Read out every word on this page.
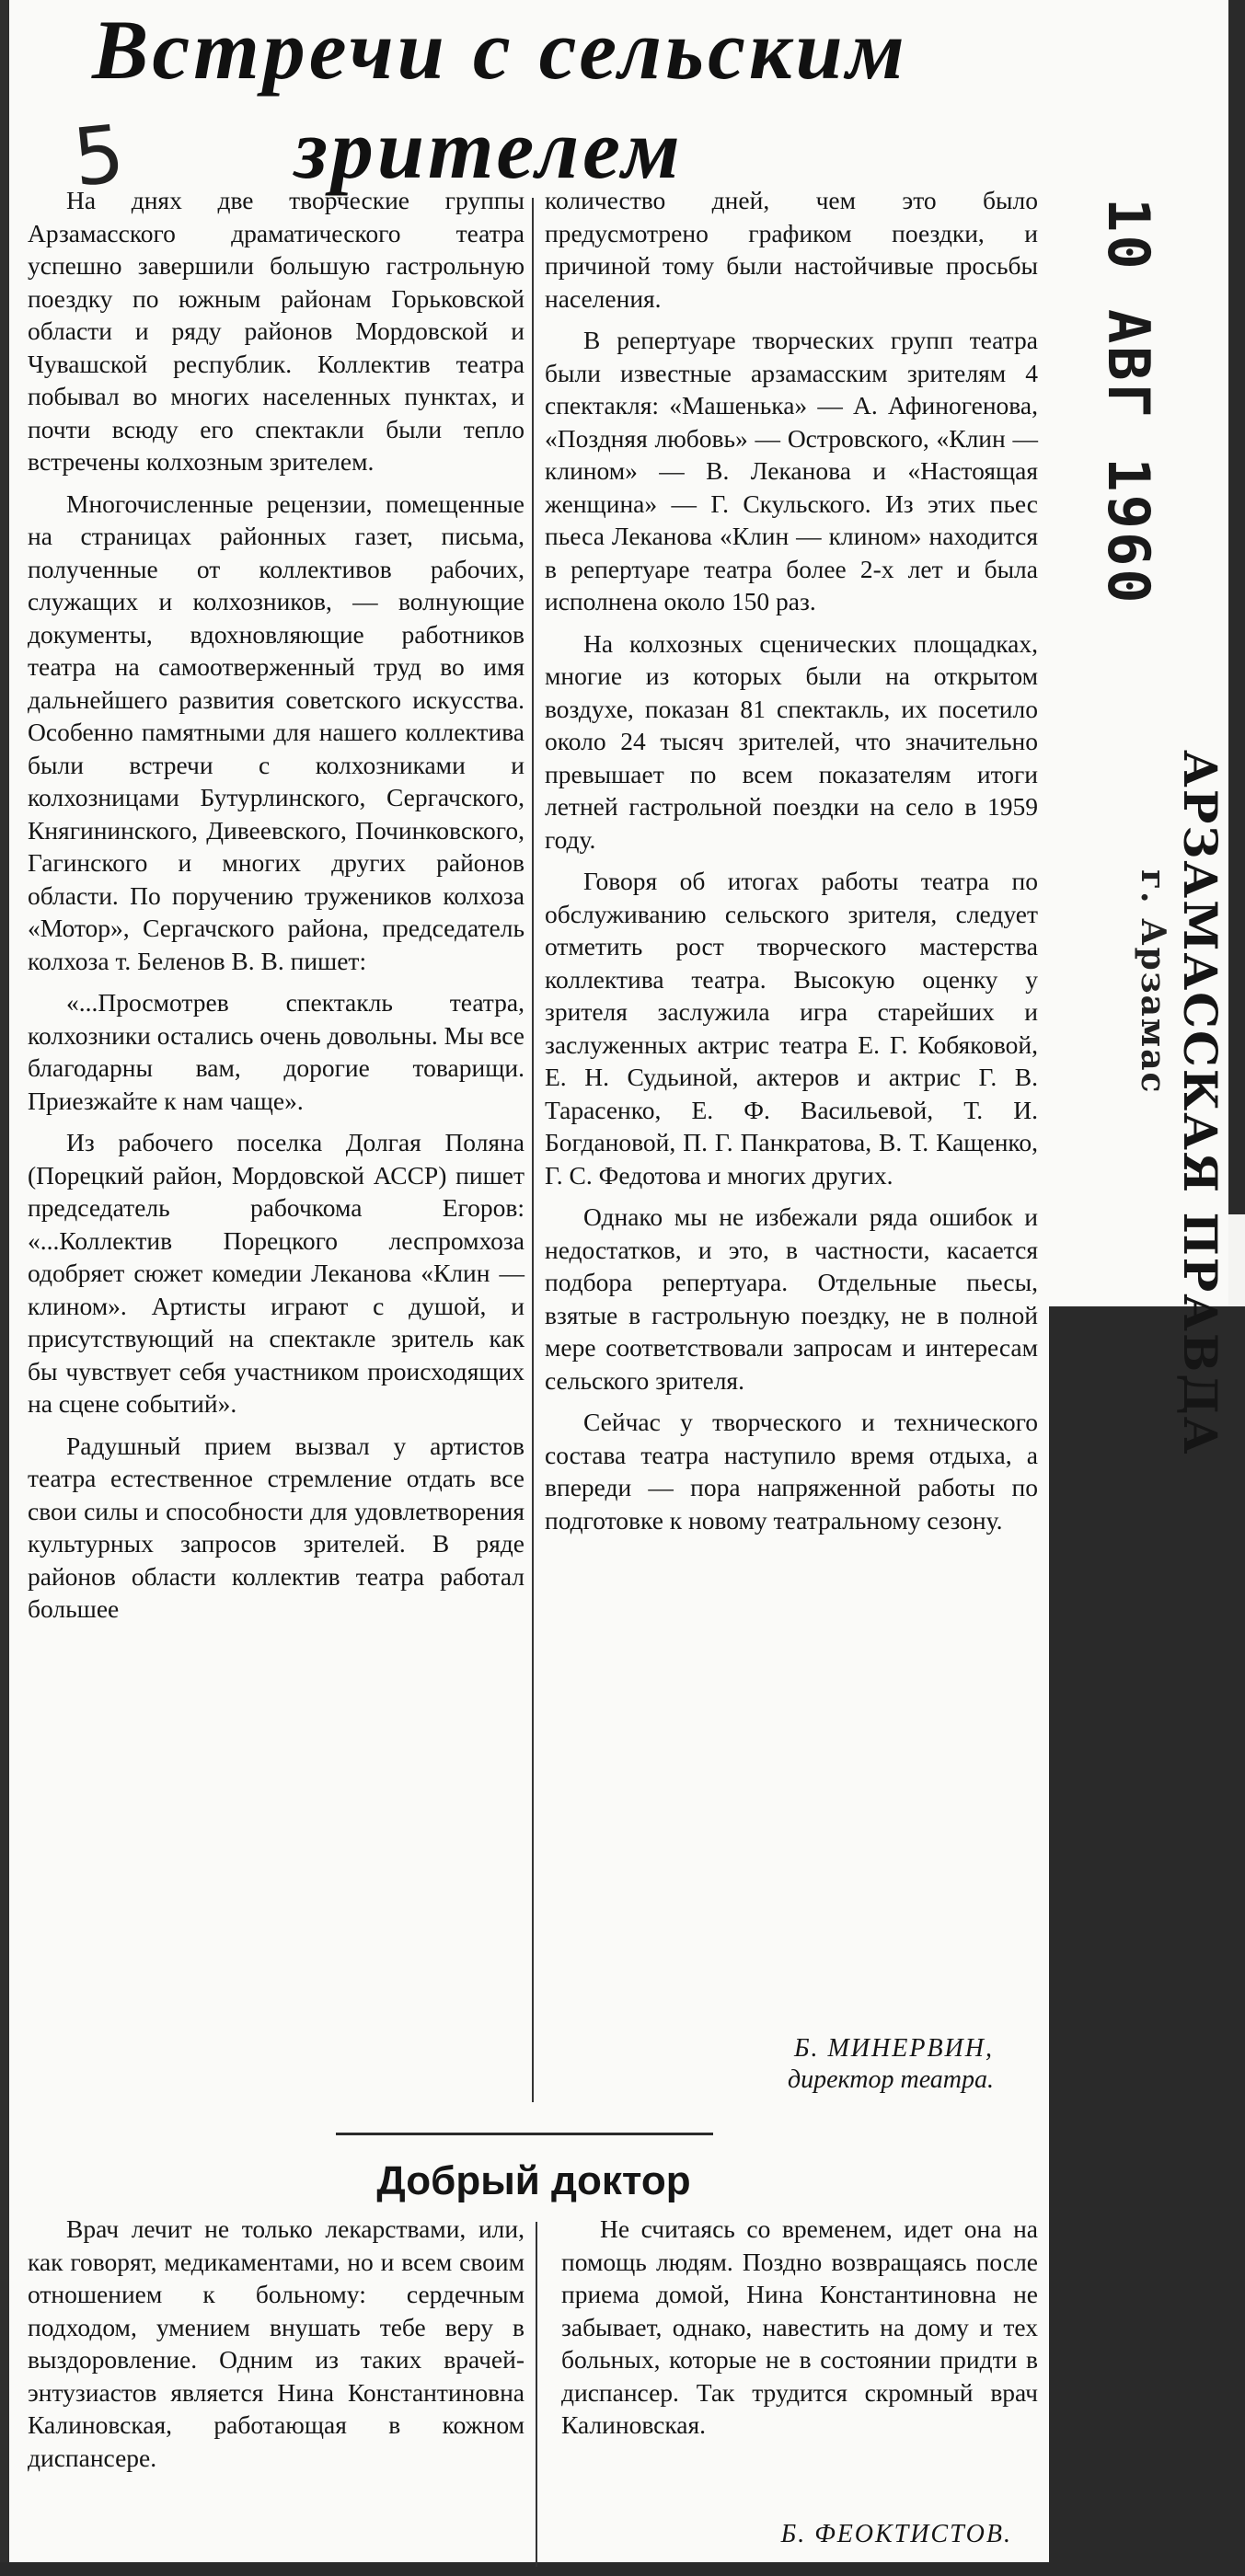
Встречи с сельским
зрителем
5

На днях две творческие группы Арзамасского драматического театра успешно завершили большую гастрольную поездку по южным районам Горьковской области и ряду районов Мордовской и Чувашской республик. Коллектив театра побывал во многих населенных пунктах, и почти всюду его спектакли были тепло встречены колхозным зрителем.

Многочисленные рецензии, помещенные на страницах районных газет, письма, полученные от коллективов рабочих, служащих и колхозников, — волнующие документы, вдохновляющие работников театра на самоотверженный труд во имя дальнейшего развития советского искусства. Особенно памятными для нашего коллектива были встречи с колхозниками и колхозницами Бутурлинского, Сергачского, Княгининского, Дивеевского, Починковского, Гагинского и многих других районов области. По поручению тружеников колхоза «Мотор», Сергачского района, председатель колхоза т. Беленов В. В. пишет:

«...Просмотрев спектакль театра, колхозники остались очень довольны. Мы все благодарны вам, дорогие товарищи. Приезжайте к нам чаще».

Из рабочего поселка Долгая Поляна (Порецкий район, Мордовской АССР) пишет председатель рабочкома Егоров: «...Коллектив Порецкого леспромхоза одобряет сюжет комедии Леканова «Клин — клином». Артисты играют с душой, и присутствующий на спектакле зритель как бы чувствует себя участником происходящих на сцене событий».

Радушный прием вызвал у артистов театра естественное стремление отдать все свои силы и способности для удовлетворения культурных запросов зрителей. В ряде районов области коллектив театра работал большее

количество дней, чем это было предусмотрено графиком поездки, и причиной тому были настойчивые просьбы населения.

В репертуаре творческих групп театра были известные арзамасским зрителям 4 спектакля: «Машенька» — А. Афиногенова, «Поздняя любовь» — Островского, «Клин — клином» — В. Леканова и «Настоящая женщина» — Г. Скульского. Из этих пьес пьеса Леканова «Клин — клином» находится в репертуаре театра более 2-х лет и была исполнена около 150 раз.

На колхозных сценических площадках, многие из которых были на открытом воздухе, показан 81 спектакль, их посетило около 24 тысяч зрителей, что значительно превышает по всем показателям итоги летней гастрольной поездки на село в 1959 году.

Говоря об итогах работы театра по обслуживанию сельского зрителя, следует отметить рост творческого мастерства коллектива театра. Высокую оценку у зрителя заслужила игра старейших и заслуженных актрис театра Е. Г. Кобяковой, Е. Н. Судьиной, актеров и актрис Г. В. Тарасенко, Е. Ф. Васильевой, Т. И. Богдановой, П. Г. Панкратова, В. Т. Кащенко, Г. С. Федотова и многих других.

Однако мы не избежали ряда ошибок и недостатков, и это, в частности, касается подбора репертуара. Отдельные пьесы, взятые в гастрольную поездку, не в полной мере соответствовали запросам и интересам сельского зрителя.

Сейчас у творческого и технического состава театра наступило время отдыха, а впереди — пора напряженной работы по подготовке к новому театральному сезону.

Б. МИНЕРВИН,
директор театра.
Добрый доктор

Врач лечит не только лекарствами, или, как говорят, медикаментами, но и всем своим отношением к больному: сердечным подходом, умением внушать тебе веру в выздоровление. Одним из таких врачей-энтузиастов является Нина Константиновна Калиновская, работающая в кожном диспансере.

Не считаясь со временем, идет она на помощь людям. Поздно возвращаясь после приема домой, Нина Константиновна не забывает, однако, навестить на дому и тех больных, которые не в состоянии придти в диспансер. Так трудится скромный врач Калиновская.

Б. ФЕОКТИСТОВ.
10 АВГ 1960
АРЗАМАССКАЯ ПРАВДА
г. Арзамас
